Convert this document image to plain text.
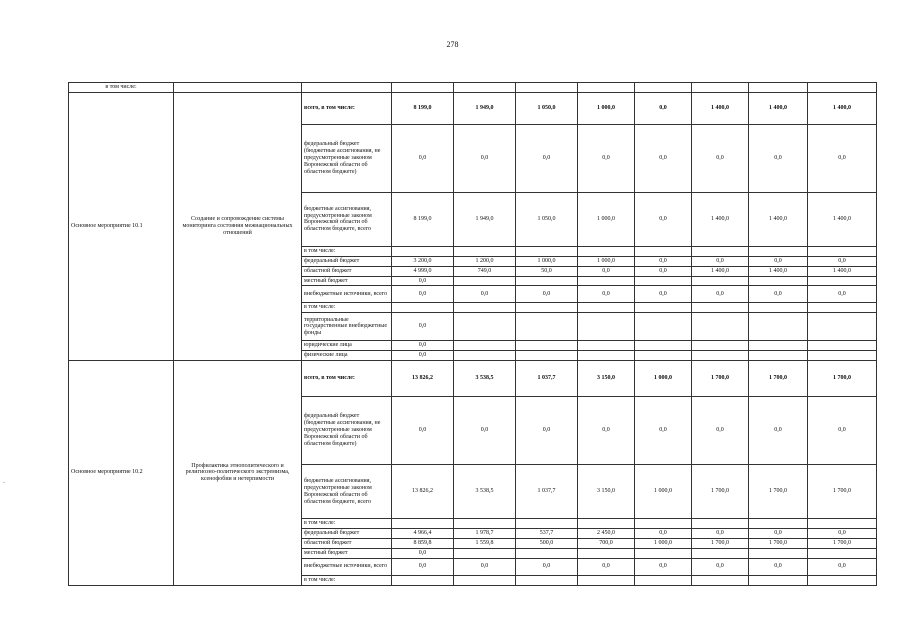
278
-
в том числе:										
Основное мероприятие 10.1	Создание и сопровождение системы мониторинга состояния межнациональных отношений	всего, в том числе:	8 199,0	1 949,0	1 050,0	1 000,0	0,0	1 400,0	1 400,0	1 400,0
		федеральный бюджет (бюджетные ассигнования, не предусмотренные законом Воронежской области об областном бюджете)	0,0	0,0	0,0	0,0	0,0	0,0	0,0	0,0
		бюджетные ассигнования, предусмотренные законом Воронежской области об областном бюджете, всего	8 199,0	1 949,0	1 050,0	1 000,0	0,0	1 400,0	1 400,0	1 400,0
		в том числе:								
		федеральный бюджет	3 200,0	1 200,0	1 000,0	1 000,0	0,0	0,0	0,0	0,0
		областной бюджет	4 999,0	749,0	50,0	0,0	0,0	1 400,0	1 400,0	1 400,0
		местный бюджет	0,0							
		внебюджетные источники, всего	0,0	0,0	0,0	0,0	0,0	0,0	0,0	0,0
		в том числе:								
		территориальные государственные внебюджетные фонды	0,0							
		юридические лица	0,0							
		физические лица	0,0							
Основное мероприятие 10.2	Профилактика этнополитического и религиозно-политического экстремизма, ксенофобии и нетерпимости	всего, в том числе:	13 826,2	3 538,5	1 037,7	3 150,0	1 000,0	1 700,0	1 700,0	1 700,0
		федеральный бюджет (бюджетные ассигнования, не предусмотренные законом Воронежской области об областном бюджете)	0,0	0,0	0,0	0,0	0,0	0,0	0,0	0,0
		бюджетные ассигнования, предусмотренные законом Воронежской области об областном бюджете, всего	13 826,2	3 538,5	1 037,7	3 150,0	1 000,0	1 700,0	1 700,0	1 700,0
		в том числе:								
		федеральный бюджет	4 966,4	1 978,7	537,7	2 450,0	0,0	0,0	0,0	0,0
		областной бюджет	8 859,8	1 559,8	500,0	700,0	1 000,0	1 700,0	1 700,0	1 700,0
		местный бюджет	0,0							
		внебюджетные источники, всего	0,0	0,0	0,0	0,0	0,0	0,0	0,0	0,0
		в том числе:								
